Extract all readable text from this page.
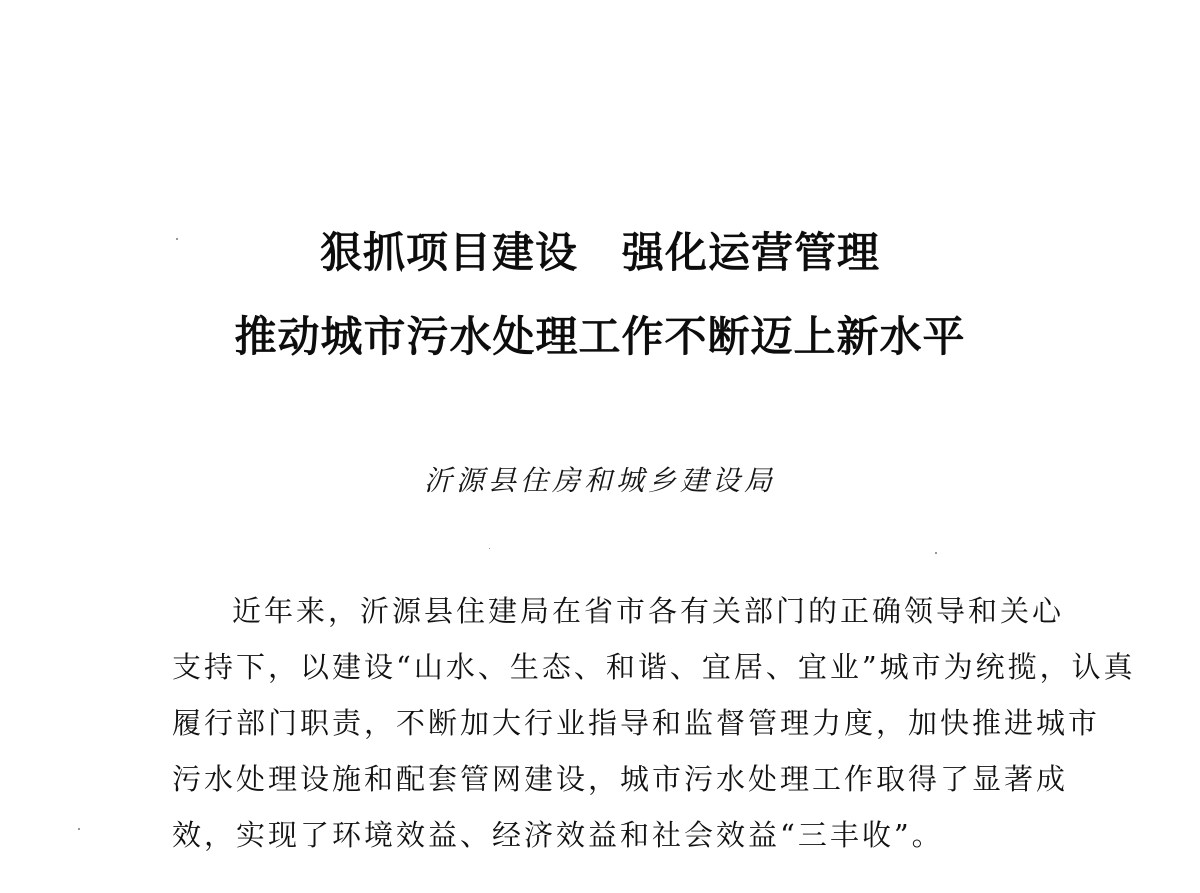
狠抓项目建设 强化运营管理
推动城市污水处理工作不断迈上新水平
沂源县住房和城乡建设局
近年来，沂源县住建局在省市各有关部门的正确领导和关心
支持下，以建设“山水、生态、和谐、宜居、宜业”城市为统揽，认真
履行部门职责，不断加大行业指导和监督管理力度，加快推进城市
污水处理设施和配套管网建设，城市污水处理工作取得了显著成
效，实现了环境效益、经济效益和社会效益“三丰收”。
